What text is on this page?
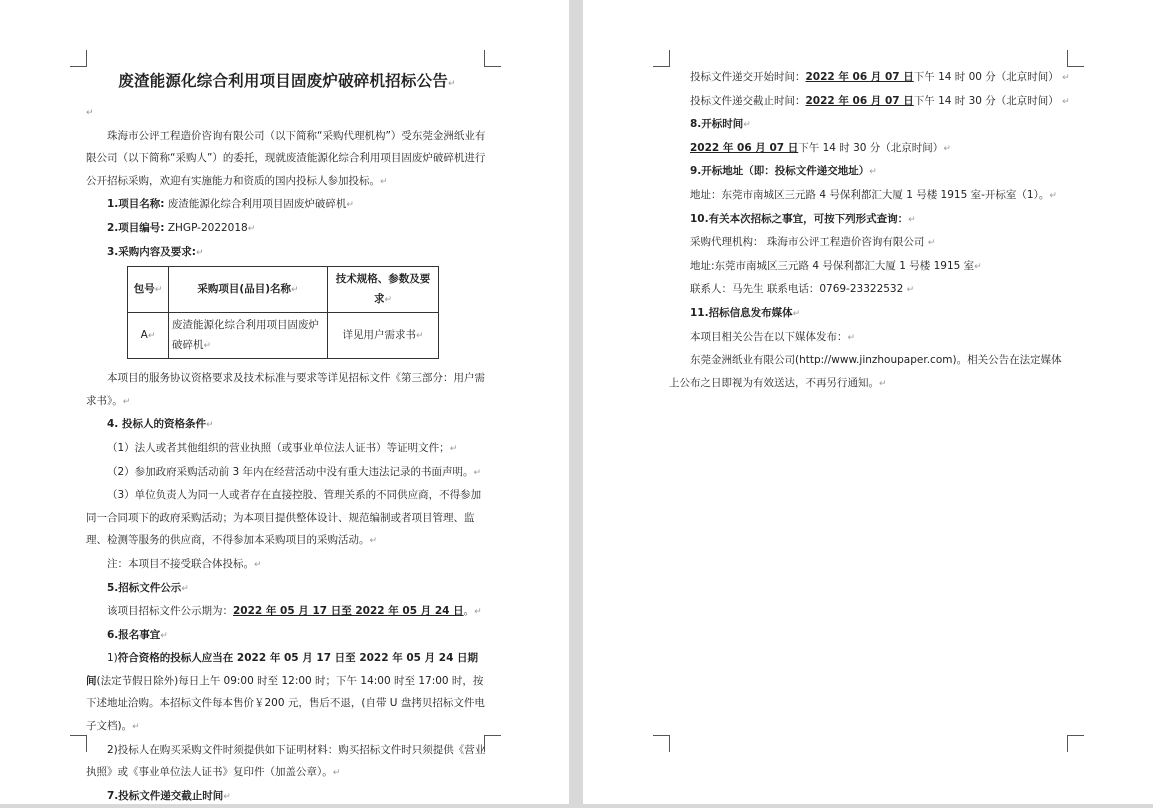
废渣能源化综合利用项目固废炉破碎机招标公告↵

↵

珠海市公评工程造价咨询有限公司（以下简称“采购代理机构”）受东莞金洲纸业有限公司（以下简称“采购人”）的委托，现就废渣能源化综合利用项目固废炉破碎机进行公开招标采购，欢迎有实施能力和资质的国内投标人参加投标。↵

1.项目名称: 废渣能源化综合利用项目固废炉破碎机↵

2.项目编号: ZHGP-2022018↵

3.采购内容及要求:↵

包号↵	采购项目(品目)名称↵	技术规格、参数及要求↵
A↵	废渣能源化综合利用项目固废炉破碎机↵	详见用户需求书↵

本项目的服务协议资格要求及技术标准与要求等详见招标文件《第三部分：用户需求书》。↵

4. 投标人的资格条件↵

（1）法人或者其他组织的营业执照（或事业单位法人证书）等证明文件；↵

（2）参加政府采购活动前 3 年内在经营活动中没有重大违法记录的书面声明。↵

（3）单位负责人为同一人或者存在直接控股、管理关系的不同供应商，不得参加同一合同项下的政府采购活动；为本项目提供整体设计、规范编制或者项目管理、监理、检测等服务的供应商，不得参加本采购项目的采购活动。↵

注：本项目不接受联合体投标。↵

5.招标文件公示↵

该项目招标文件公示期为：2022 年 05 月 17 日至 2022 年 05 月 24 日。↵

6.报名事宜↵

1)符合资格的投标人应当在 2022 年 05 月 17 日至 2022 年 05 月 24 日期间(法定节假日除外)每日上午 09:00 时至 12:00 时；下午 14:00 时至 17:00 时，按下述地址洽购。本招标文件每本售价￥200 元，售后不退，(自带 U 盘拷贝招标文件电子文档)。↵

2)投标人在购买采购文件时须提供如下证明材料：购买招标文件时只须提供《营业执照》或《事业单位法人证书》复印件（加盖公章）。↵

7.投标文件递交截止时间↵

投标文件递交开始时间：2022 年 06 月 07 日下午 14 时 00 分（北京时间） ↵

投标文件递交截止时间：2022 年 06 月 07 日下午 14 时 30 分（北京时间） ↵

8.开标时间↵

2022 年 06 月 07 日下午 14 时 30 分（北京时间）↵

9.开标地址（即：投标文件递交地址）↵

地址：东莞市南城区三元路 4 号保利都汇大厦 1 号楼 1915 室-开标室（1）。↵

10.有关本次招标之事宜，可按下列形式查询：↵

采购代理机构： 珠海市公评工程造价咨询有限公司 ↵

地址:东莞市南城区三元路 4 号保利都汇大厦 1 号楼 1915 室↵

联系人：马先生 联系电话：0769-23322532 ↵

11.招标信息发布媒体↵

本项目相关公告在以下媒体发布：↵

东莞金洲纸业有限公司(http://www.jinzhoupaper.com)。相关公告在法定媒体上公布之日即视为有效送达，不再另行通知。↵
